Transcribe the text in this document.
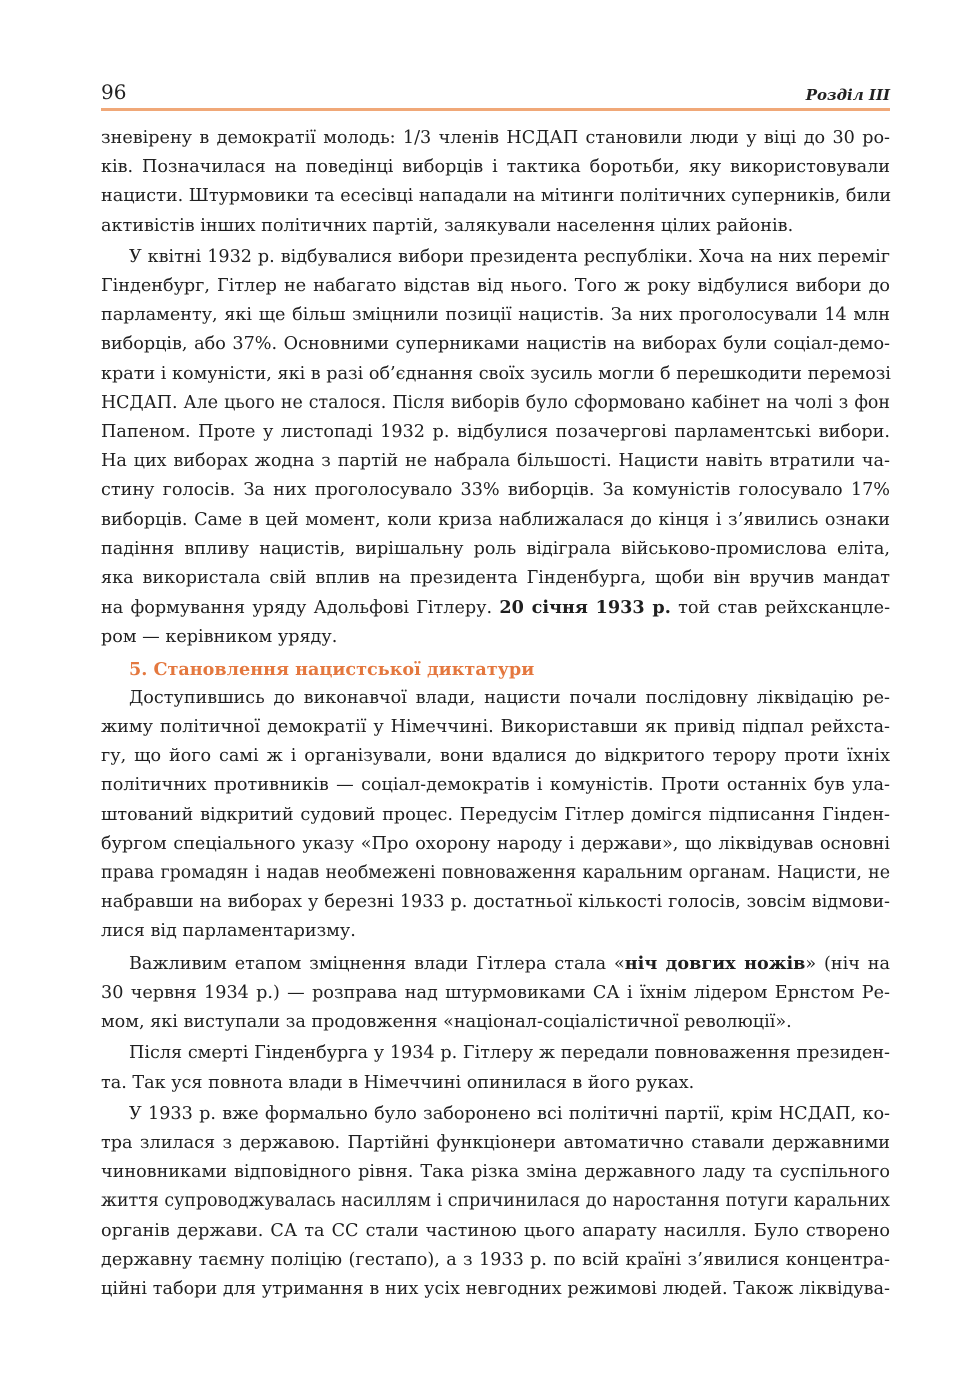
96	Розділ III
зневірену в демократії молодь: 1/3 членів НСДАП становили люди у віці до 30 ро-
ків. Позначилася на поведінці виборців і тактика боротьби, яку використовували
нацисти. Штурмовики та есесівці нападали на мітинги політичних суперників, били
активістів інших політичних партій, залякували населення цілих районів.
У квітні 1932 р. відбувалися вибори президента республіки. Хоча на них переміг
Гінденбург, Гітлер не набагато відстав від нього. Того ж року відбулися вибори до
парламенту, які ще більш зміцнили позиції нацистів. За них проголосували 14 млн
виборців, або 37%. Основними суперниками нацистів на виборах були соціал-демо-
крати і комуністи, які в разі об’єднання своїх зусиль могли б перешкодити перемозі
НСДАП. Але цього не сталося. Після виборів було сформовано кабінет на чолі з фон
Папеном. Проте у листопаді 1932 р. відбулися позачергові парламентські вибори.
На цих виборах жодна з партій не набрала більшості. Нацисти навіть втратили ча-
стину голосів. За них проголосувало 33% виборців. За комуністів голосувало 17%
виборців. Саме в цей момент, коли криза наближалася до кінця і з’явились ознаки
падіння впливу нацистів, вирішальну роль відіграла військово-промислова еліта,
яка використала свій вплив на президента Гінденбурга, щоби він вручив мандат
на формування уряду Адольфові Гітлеру. 20 січня 1933 р. той став рейхсканцле-
ром — керівником уряду.
5. Становлення нацистської диктатури
Доступившись до виконавчої влади, нацисти почали послідовну ліквідацію ре-
жиму політичної демократії у Німеччині. Використавши як привід підпал рейхста-
гу, що його самі ж і організували, вони вдалися до відкритого терору проти їхніх
політичних противників — соціал-демократів і комуністів. Проти останніх був ула-
штований відкритий судовий процес. Передусім Гітлер домігся підписання Гінден-
бургом спеціального указу «Про охорону народу і держави», що ліквідував основні
права громадян і надав необмежені повноваження каральним органам. Нацисти, не
набравши на виборах у березні 1933 р. достатньої кількості голосів, зовсім відмови-
лися від парламентаризму.
Важливим етапом зміцнення влади Гітлера стала «ніч довгих ножів» (ніч на
30 червня 1934 р.) — розправа над штурмовиками СА і їхнім лідером Ернстом Ре-
мом, які виступали за продовження «націонал-соціалістичної революції».
Після смерті Гінденбурга у 1934 р. Гітлеру ж передали повноваження президен-
та. Так уся повнота влади в Німеччині опинилася в його руках.
У 1933 р. вже формально було заборонено всі політичні партії, крім НСДАП, ко-
тра злилася з державою. Партійні функціонери автоматично ставали державними
чиновниками відповідного рівня. Така різка зміна державного ладу та суспільного
життя супроводжувалась насиллям і спричинилася до наростання потуги каральних
органів держави. СА та СС стали частиною цього апарату насилля. Було створено
державну таємну поліцію (гестапо), а з 1933 р. по всій країні з’явилися концентра-
ційні табори для утримання в них усіх невгодних режимові людей. Також ліквідува-
